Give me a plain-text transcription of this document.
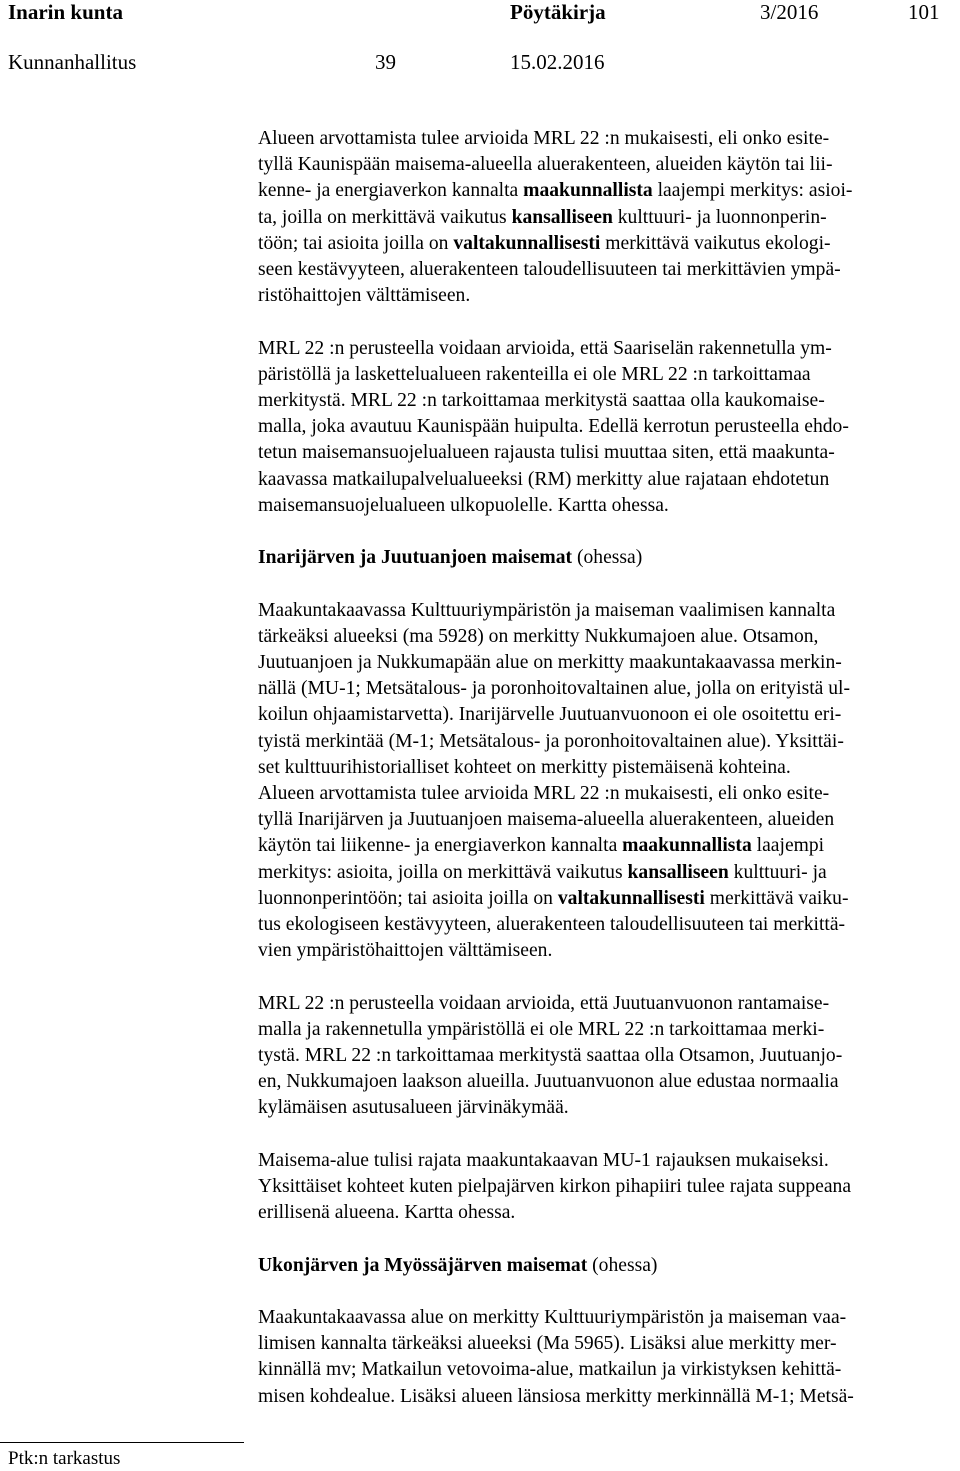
Inarin kunta	Pöytäkirja	3/2016	101
Kunnanhallitus	39	15.02.2016

Alueen arvottamista tulee arvioida MRL 22 :n mukaisesti, eli onko esite-
tyllä Kaunispään maisema-alueella aluerakenteen, alueiden käytön tai lii-
kenne- ja energiaverkon kannalta maakunnallista laajempi merkitys: asioi-
ta, joilla on merkittävä vaikutus kansalliseen kulttuuri- ja luonnonperin-
töön; tai asioita joilla on valtakunnallisesti merkittävä vaikutus ekologi-
seen kestävyyteen, aluerakenteen taloudellisuuteen tai merkittävien ympä-
ristöhaittojen välttämiseen.

MRL 22 :n perusteella voidaan arvioida, että Saariselän rakennetulla ym-
päristöllä ja laskettelualueen rakenteilla ei ole MRL 22 :n tarkoittamaa
merkitystä. MRL 22 :n tarkoittamaa merkitystä saattaa olla kaukomaise-
malla, joka avautuu Kaunispään huipulta. Edellä kerrotun perusteella ehdo-
tetun maisemansuojelualueen rajausta tulisi muuttaa siten, että maakunta-
kaavassa matkailupalvelualueeksi (RM) merkitty alue rajataan ehdotetun
maisemansuojelualueen ulkopuolelle. Kartta ohessa.

Inarijärven ja Juutuanjoen maisemat (ohessa)

Maakuntakaavassa Kulttuuriympäristön ja maiseman vaalimisen kannalta
tärkeäksi alueeksi (ma 5928) on merkitty Nukkumajoen alue. Otsamon,
Juutuanjoen ja Nukkumapään alue on merkitty maakuntakaavassa merkin-
nällä (MU-1; Metsätalous- ja poronhoitovaltainen alue, jolla on erityistä ul-
koilun ohjaamistarvetta). Inarijärvelle Juutuanvuonoon ei ole osoitettu eri-
tyistä merkintää (M-1; Metsätalous- ja poronhoitovaltainen alue). Yksittäi-
set kulttuurihistorialliset kohteet on merkitty pistemäisenä kohteina.
Alueen arvottamista tulee arvioida MRL 22 :n mukaisesti, eli onko esite-
tyllä Inarijärven ja Juutuanjoen maisema-alueella aluerakenteen, alueiden
käytön tai liikenne- ja energiaverkon kannalta maakunnallista laajempi
merkitys: asioita, joilla on merkittävä vaikutus kansalliseen kulttuuri- ja
luonnonperintöön; tai asioita joilla on valtakunnallisesti merkittävä vaiku-
tus ekologiseen kestävyyteen, aluerakenteen taloudellisuuteen tai merkittä-
vien ympäristöhaittojen välttämiseen.

MRL 22 :n perusteella voidaan arvioida, että Juutuanvuonon rantamaise-
malla ja rakennetulla ympäristöllä ei ole MRL 22 :n tarkoittamaa merki-
tystä. MRL 22 :n tarkoittamaa merkitystä saattaa olla Otsamon, Juutuanjo-
en, Nukkumajoen laakson alueilla. Juutuanvuonon alue edustaa normaalia
kylämäisen asutusalueen järvinäkymää.

Maisema-alue tulisi rajata maakuntakaavan MU-1 rajauksen mukaiseksi.
Yksittäiset kohteet kuten pielpajärven kirkon pihapiiri tulee rajata suppeana
erillisenä alueena. Kartta ohessa.

Ukonjärven ja Myössäjärven maisemat (ohessa)

Maakuntakaavassa alue on merkitty Kulttuuriympäristön ja maiseman vaa-
limisen kannalta tärkeäksi alueeksi (Ma 5965). Lisäksi alue merkitty mer-
kinnällä mv; Matkailun vetovoima-alue, matkailun ja virkistyksen kehittä-
misen kohdealue. Lisäksi alueen länsiosa merkitty merkinnällä M-1; Metsä-

Ptk:n tarkastus
